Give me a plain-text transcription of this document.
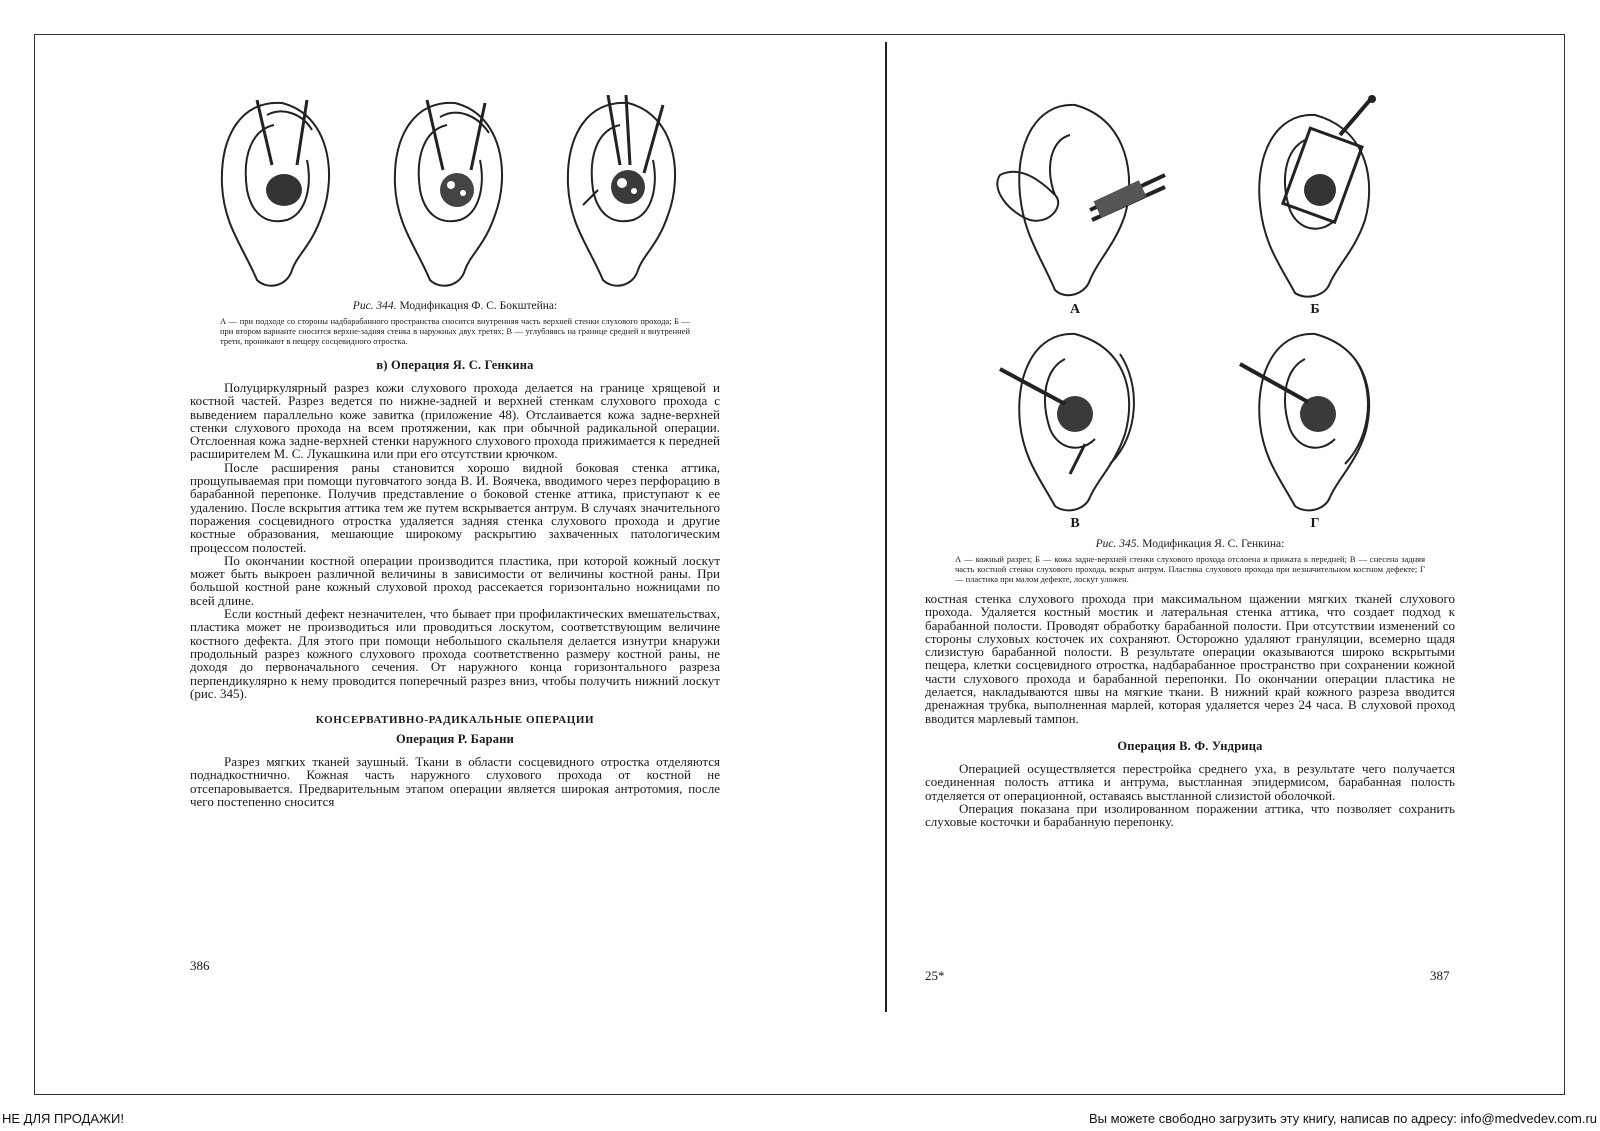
Рис. 344. Модификация Ф. С. Бокштейна:
А — при подходе со стороны надбарабанного пространства сносится внутренняя часть верхней стенки слухового прохода; Б — при втором варианте сносится верхне-задняя стенка в наружных двух третях; В — углубляясь на границе средней и внутренней трети, проникают в пещеру сосцевидного отростка.
в) Операция Я. С. Генкина

Полуциркулярный разрез кожи слухового прохода делается на границе хрящевой и костной частей. Разрез ведется по нижне-задней и верхней стенкам слухового прохода с выведением параллельно коже завитка (приложение 48). Отслаивается кожа задне-верхней стенки слухового прохода на всем протяжении, как при обычной радикальной операции. Отслоенная кожа задне-верхней стенки наружного слухового прохода прижимается к передней расширителем М. С. Лукашкина или при его отсутствии крючком.

После расширения раны становится хорошо видной боковая стенка аттика, прощупываемая при помощи пуговчатого зонда В. И. Воячека, вводимого через перфорацию в барабанной перепонке. Получив представление о боковой стенке аттика, приступают к ее удалению. После вскрытия аттика тем же путем вскрывается антрум. В случаях значительного поражения сосцевидного отростка удаляется задняя стенка слухового прохода и другие костные образования, мешающие широкому раскрытию захваченных патологическим процессом полостей.

По окончании костной операции производится пластика, при которой кожный лоскут может быть выкроен различной величины в зависимости от величины костной раны. При большой костной ране кожный слуховой проход рассекается горизонтально ножницами по всей длине.

Если костный дефект незначителен, что бывает при профилактических вмешательствах, пластика может не производиться или проводиться лоскутом, соответствующим величине костного дефекта. Для этого при помощи небольшого скальпеля делается изнутри кнаружи продольный разрез кожного слухового прохода соответственно размеру костной раны, не доходя до первоначального сечения. От наружного конца горизонтального разреза перпендикулярно к нему проводится поперечный разрез вниз, чтобы получить нижний лоскут (рис. 345).

КОНСЕРВАТИВНО-РАДИКАЛЬНЫЕ ОПЕРАЦИИ
Операция Р. Барани

Разрез мягких тканей заушный. Ткани в области сосцевидного отростка отделяются поднадкостнично. Кожная часть наружного слухового прохода от костной не отсепаровывается. Предварительным этапом операции является широкая антротомия, после чего постепенно сносится

386
А	Б
В	Г
Рис. 345. Модификация Я. С. Генкина:
А — кожный разрез; Б — кожа задне-верхней стенки слухового прохода отслоена и прижата к передней; В — снесена задняя часть костной стенки слухового прохода, вскрыт антрум. Пластика слухового прохода при незначительном костном дефекте; Г — пластика при малом дефекте, лоскут уложен.

костная стенка слухового прохода при максимальном щажении мягких тканей слухового прохода. Удаляется костный мостик и латеральная стенка аттика, что создает подход к барабанной полости. Проводят обработку барабанной полости. При отсутствии изменений со стороны слуховых косточек их сохраняют. Осторожно удаляют грануляции, всемерно щадя слизистую барабанной полости. В результате операции оказываются широко вскрытыми пещера, клетки сосцевидного отростка, надбарабанное пространство при сохранении кожной части слухового прохода и барабанной перепонки. По окончании операции пластика не делается, накладываются швы на мягкие ткани. В нижний край кожного разреза вводится дренажная трубка, выполненная марлей, которая удаляется через 24 часа. В слуховой проход вводится марлевый тампон.

Операция В. Ф. Ундрица

Операцией осуществляется перестройка среднего уха, в результате чего получается соединенная полость аттика и антрума, выстланная эпидермисом, барабанная полость отделяется от операционной, оставаясь выстланной слизистой оболочкой.

Операция показана при изолированном поражении аттика, что позволяет сохранить слуховые косточки и барабанную перепонку.

25*	387
НЕ ДЛЯ ПРОДАЖИ!	Вы можете свободно загрузить эту книгу, написав по адресу: info@medvedev.com.ru
